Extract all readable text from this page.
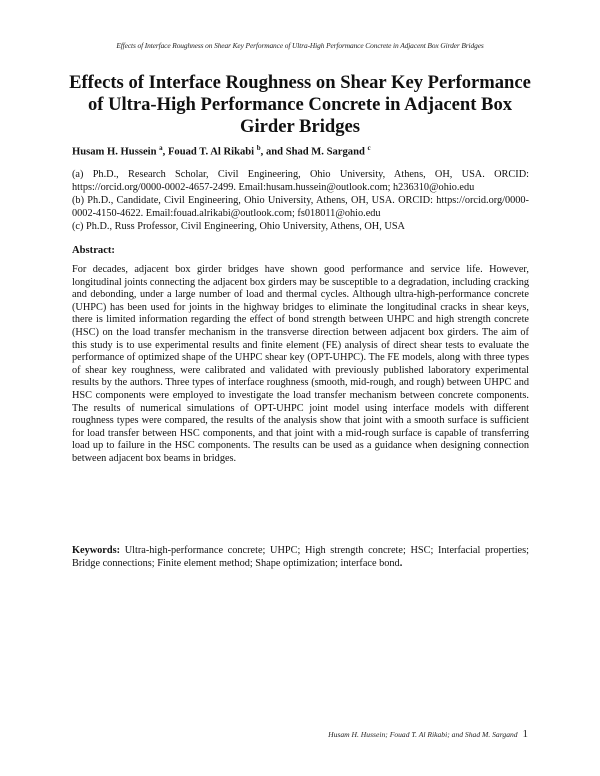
Effects of Interface Roughness on Shear Key Performance of Ultra-High Performance Concrete in Adjacent Box Girder Bridges
Effects of Interface Roughness on Shear Key Performance of Ultra-High Performance Concrete in Adjacent Box Girder Bridges
Husam H. Hussein $^a$, Fouad T. Al Rikabi $^b$, and Shad M. Sargand $^c$

(a) Ph.D., Research Scholar, Civil Engineering, Ohio University, Athens, OH, USA. ORCID: https://orcid.org/0000-0002-4657-2499. Email:husam.hussein@outlook.com; h236310@ohio.edu

(b) Ph.D., Candidate, Civil Engineering, Ohio University, Athens, OH, USA. ORCID: https://orcid.org/0000-0002-4150-4622. Email:fouad.alrikabi@outlook.com; fs018011@ohio.edu

(c) Ph.D., Russ Professor, Civil Engineering, Ohio University, Athens, OH, USA

Abstract:

For decades, adjacent box girder bridges have shown good performance and service life. However, longitudinal joints connecting the adjacent box girders may be susceptible to a degradation, including cracking and debonding, under a large number of load and thermal cycles. Although ultra-high-performance concrete (UHPC) has been used for joints in the highway bridges to eliminate the longitudinal cracks in shear keys, there is limited information regarding the effect of bond strength between UHPC and high strength concrete (HSC) on the load transfer mechanism in the transverse direction between adjacent box girders. The aim of this study is to use experimental results and finite element (FE) analysis of direct shear tests to evaluate the performance of optimized shape of the UHPC shear key (OPT-UHPC). The FE models, along with three types of shear key roughness, were calibrated and validated with previously published laboratory experimental results by the authors. Three types of interface roughness (smooth, mid-rough, and rough) between UHPC and HSC components were employed to investigate the load transfer mechanism between concrete components. The results of numerical simulations of OPT-UHPC joint model using interface models with different roughness types were compared, the results of the analysis show that joint with a smooth surface is sufficient for load transfer between HSC components, and that joint with a mid-rough surface is capable of transferring load up to failure in the HSC components. The results can be used as a guidance when designing connection between adjacent box beams in bridges.

Keywords: Ultra-high-performance concrete; UHPC; High strength concrete; HSC; Interfacial properties; Bridge connections; Finite element method; Shape optimization; interface bond.

Husam H. Hussein; Fouad T. Al Rikabi; and Shad M. Sargand 1
